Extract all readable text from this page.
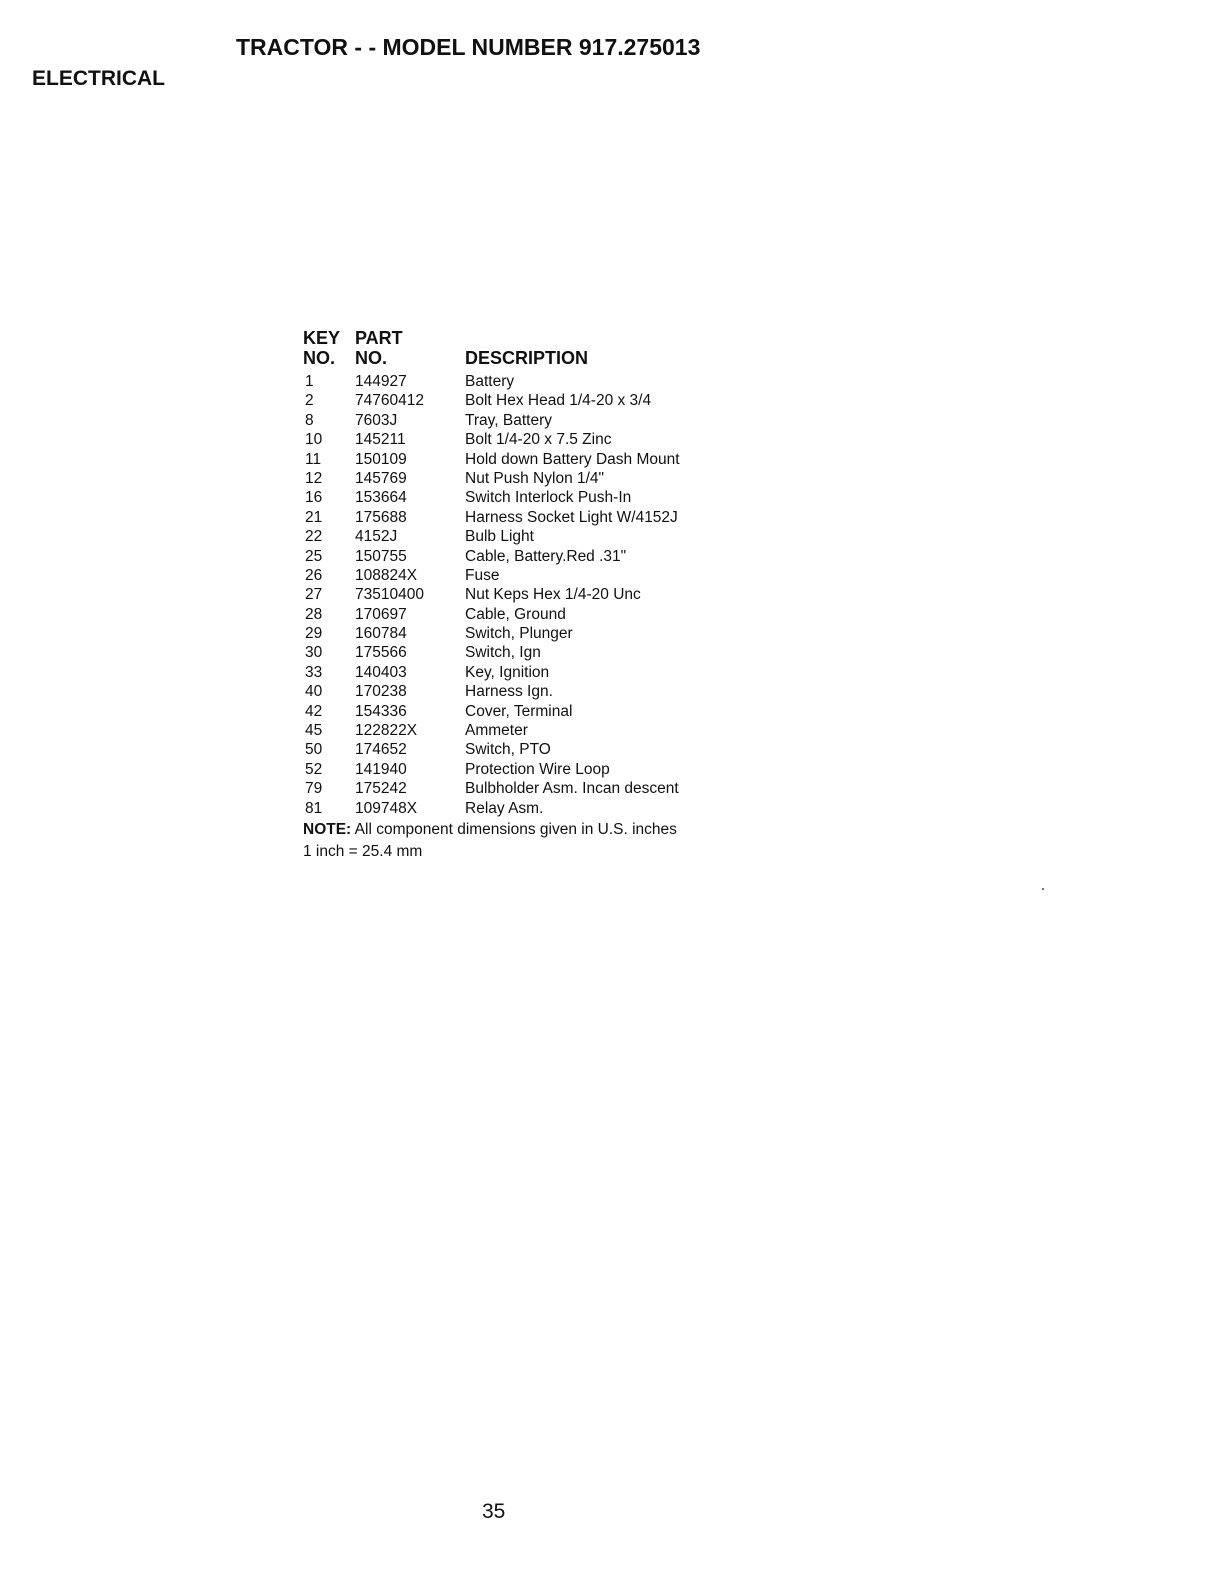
TRACTOR - - MODEL NUMBER 917.275013
ELECTRICAL
KEY PART
NO. NO.	DESCRIPTION
1	144927	Battery
2	74760412	Bolt Hex Head 1/4-20 x 3/4
8	7603J	Tray, Battery
10 145211	Bolt 1/4-20 x 7.5 Zinc
11 150109	Hold down Battery Dash Mount
12 145769	Nut Push Nylon 1/4"
16 153664	Switch Interlock Push-In
21 175688	Harness Socket Light W/4152J
22 4152J	Bulb Light
25 150755	Cable, Battery.Red .31"
26 108824X	Fuse
27 73510400	Nut Keps Hex 1/4-20 Unc
28 170697	Cable, Ground
29 160784	Switch, Plunger
30 175566	Switch, Ign
33 140403	Key, Ignition
40 170238	Harness Ign.
42 154336	Cover, Terminal
45 122822X	Ammeter
50 174652	Switch, PTO
52 141940	Protection Wire Loop
79 175242	Bulbholder Asm. Incan descent
81 109748X	Relay Asm.
NOTE: All component dimensions given in U.S. inches
1 inch = 25.4 mm
35
